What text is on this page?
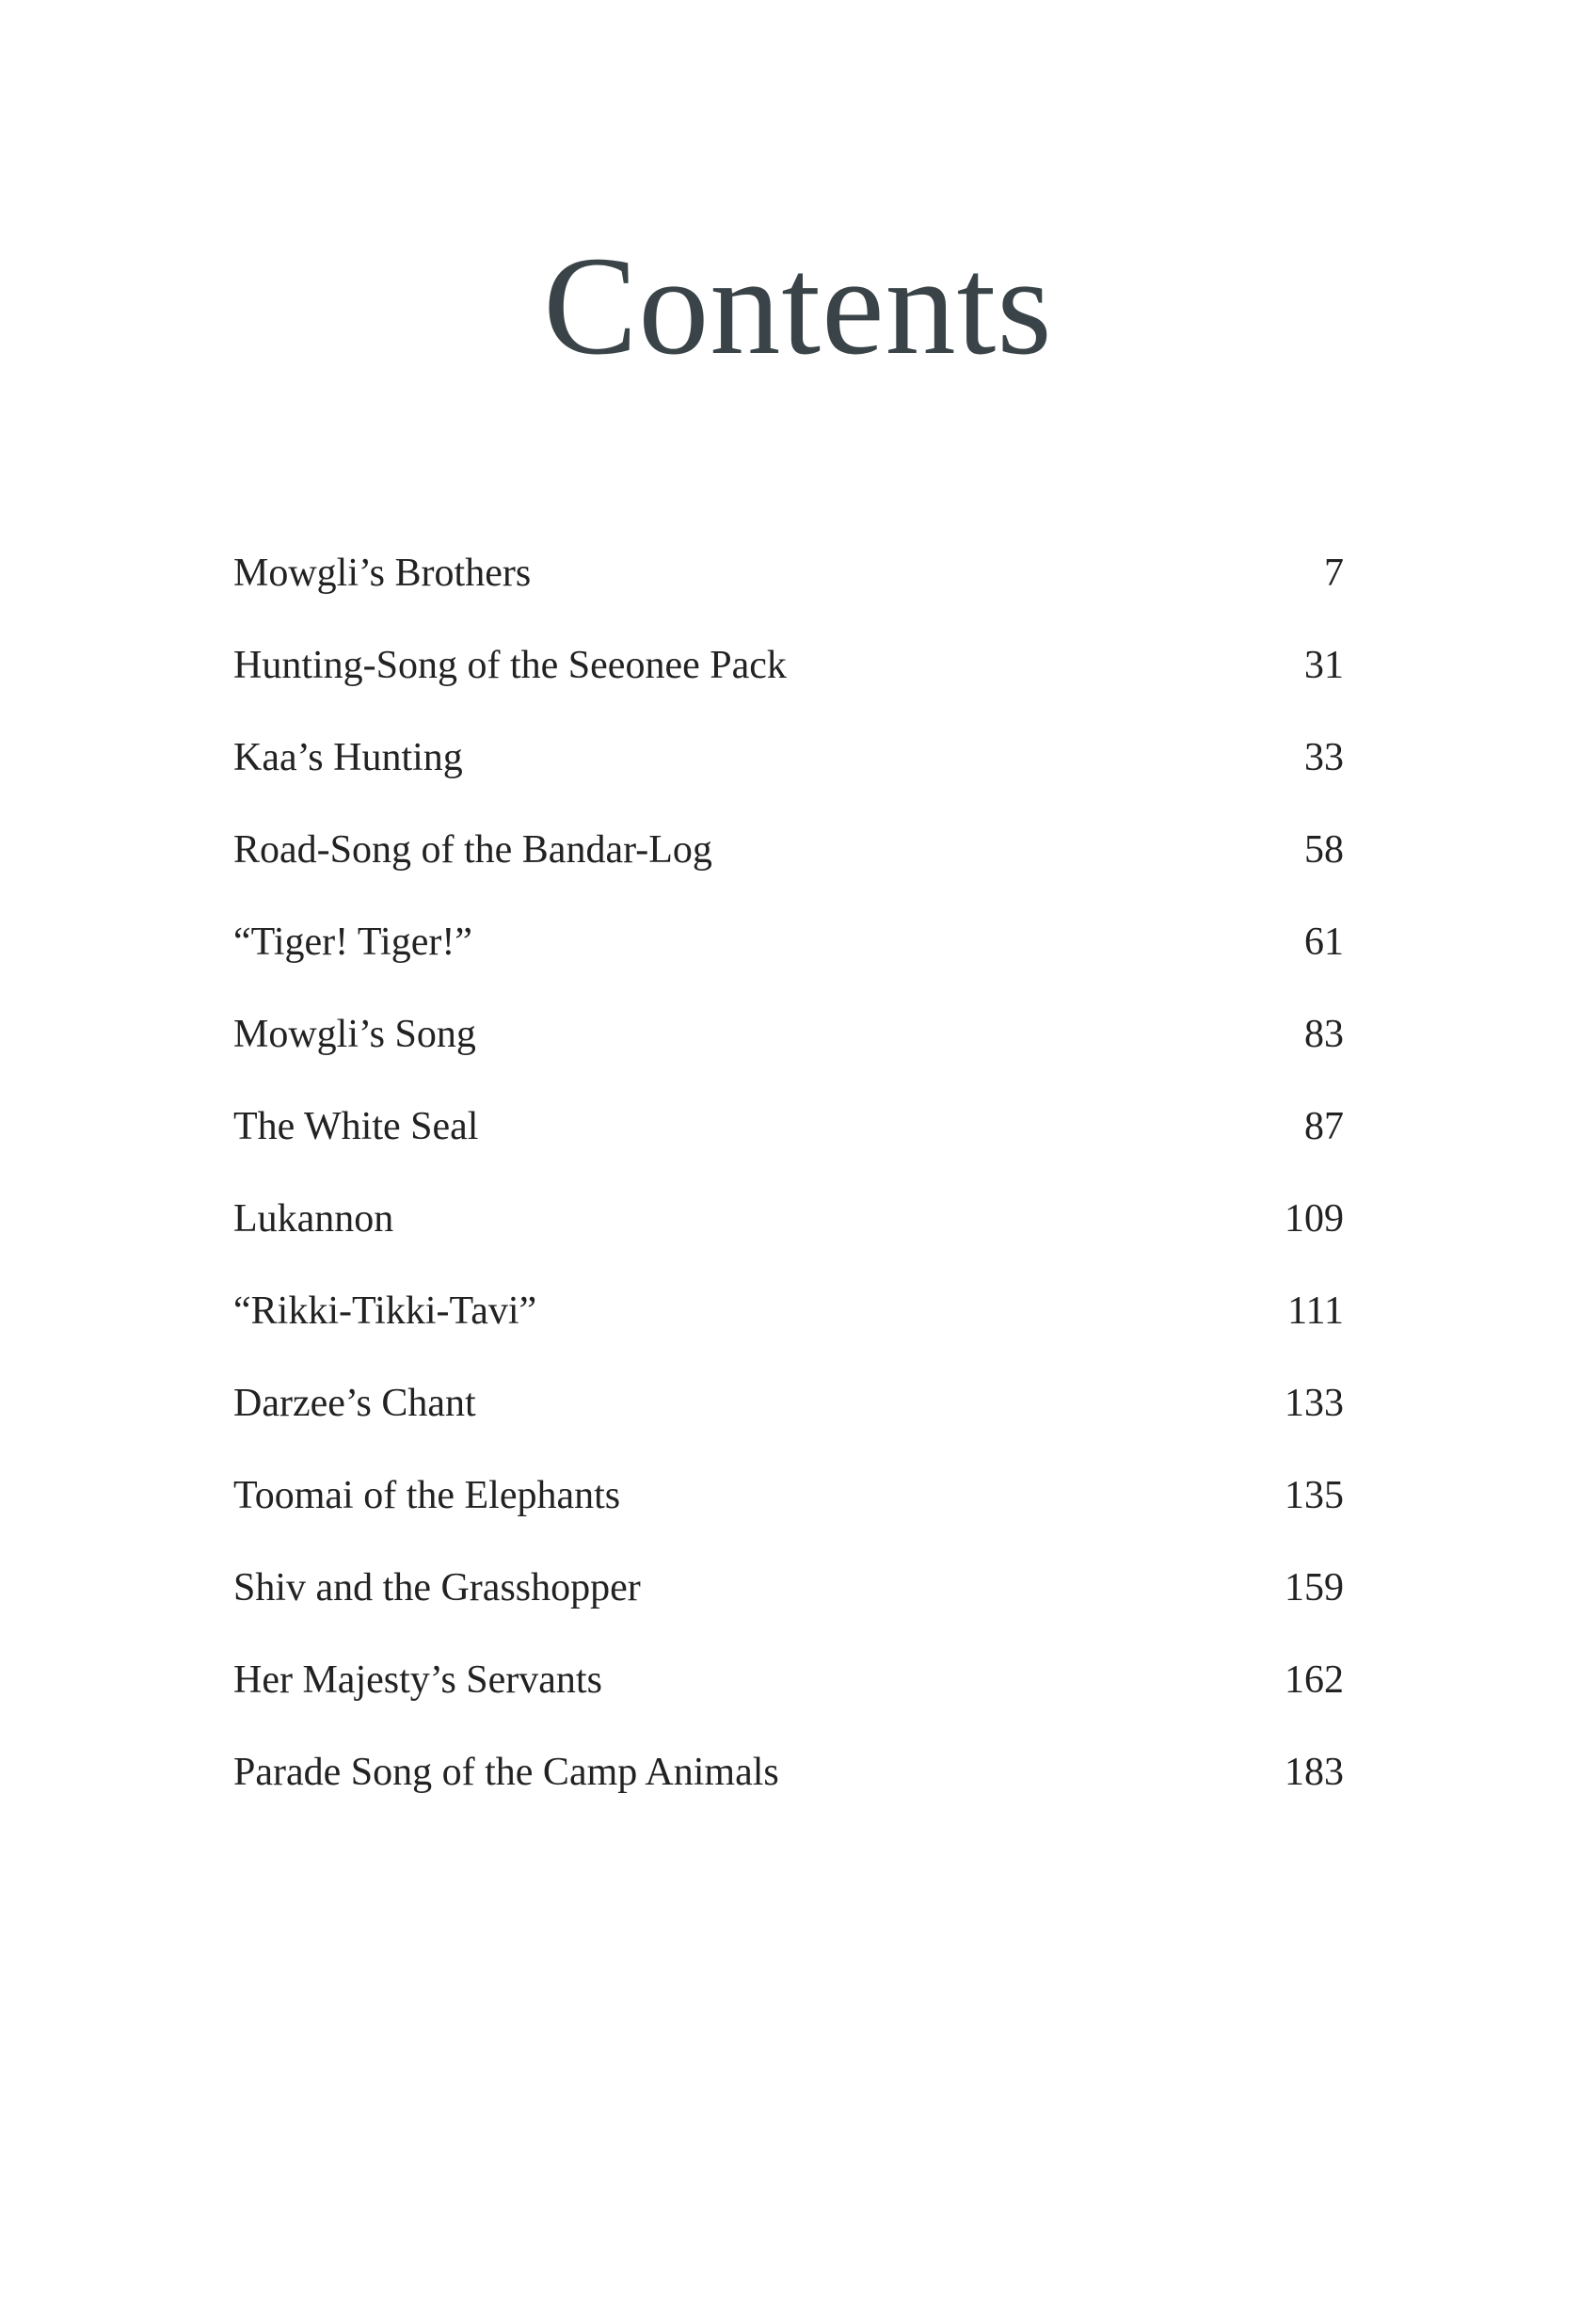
Contents
Mowgli’s Brothers	7
Hunting-Song of the Seeonee Pack	31
Kaa’s Hunting	33
Road-Song of the Bandar-Log	58
“Tiger! Tiger!”	61
Mowgli’s Song	83
The White Seal	87
Lukannon	109
“Rikki-Tikki-Tavi”	111
Darzee’s Chant	133
Toomai of the Elephants	135
Shiv and the Grasshopper	159
Her Majesty’s Servants	162
Parade Song of the Camp Animals	183
